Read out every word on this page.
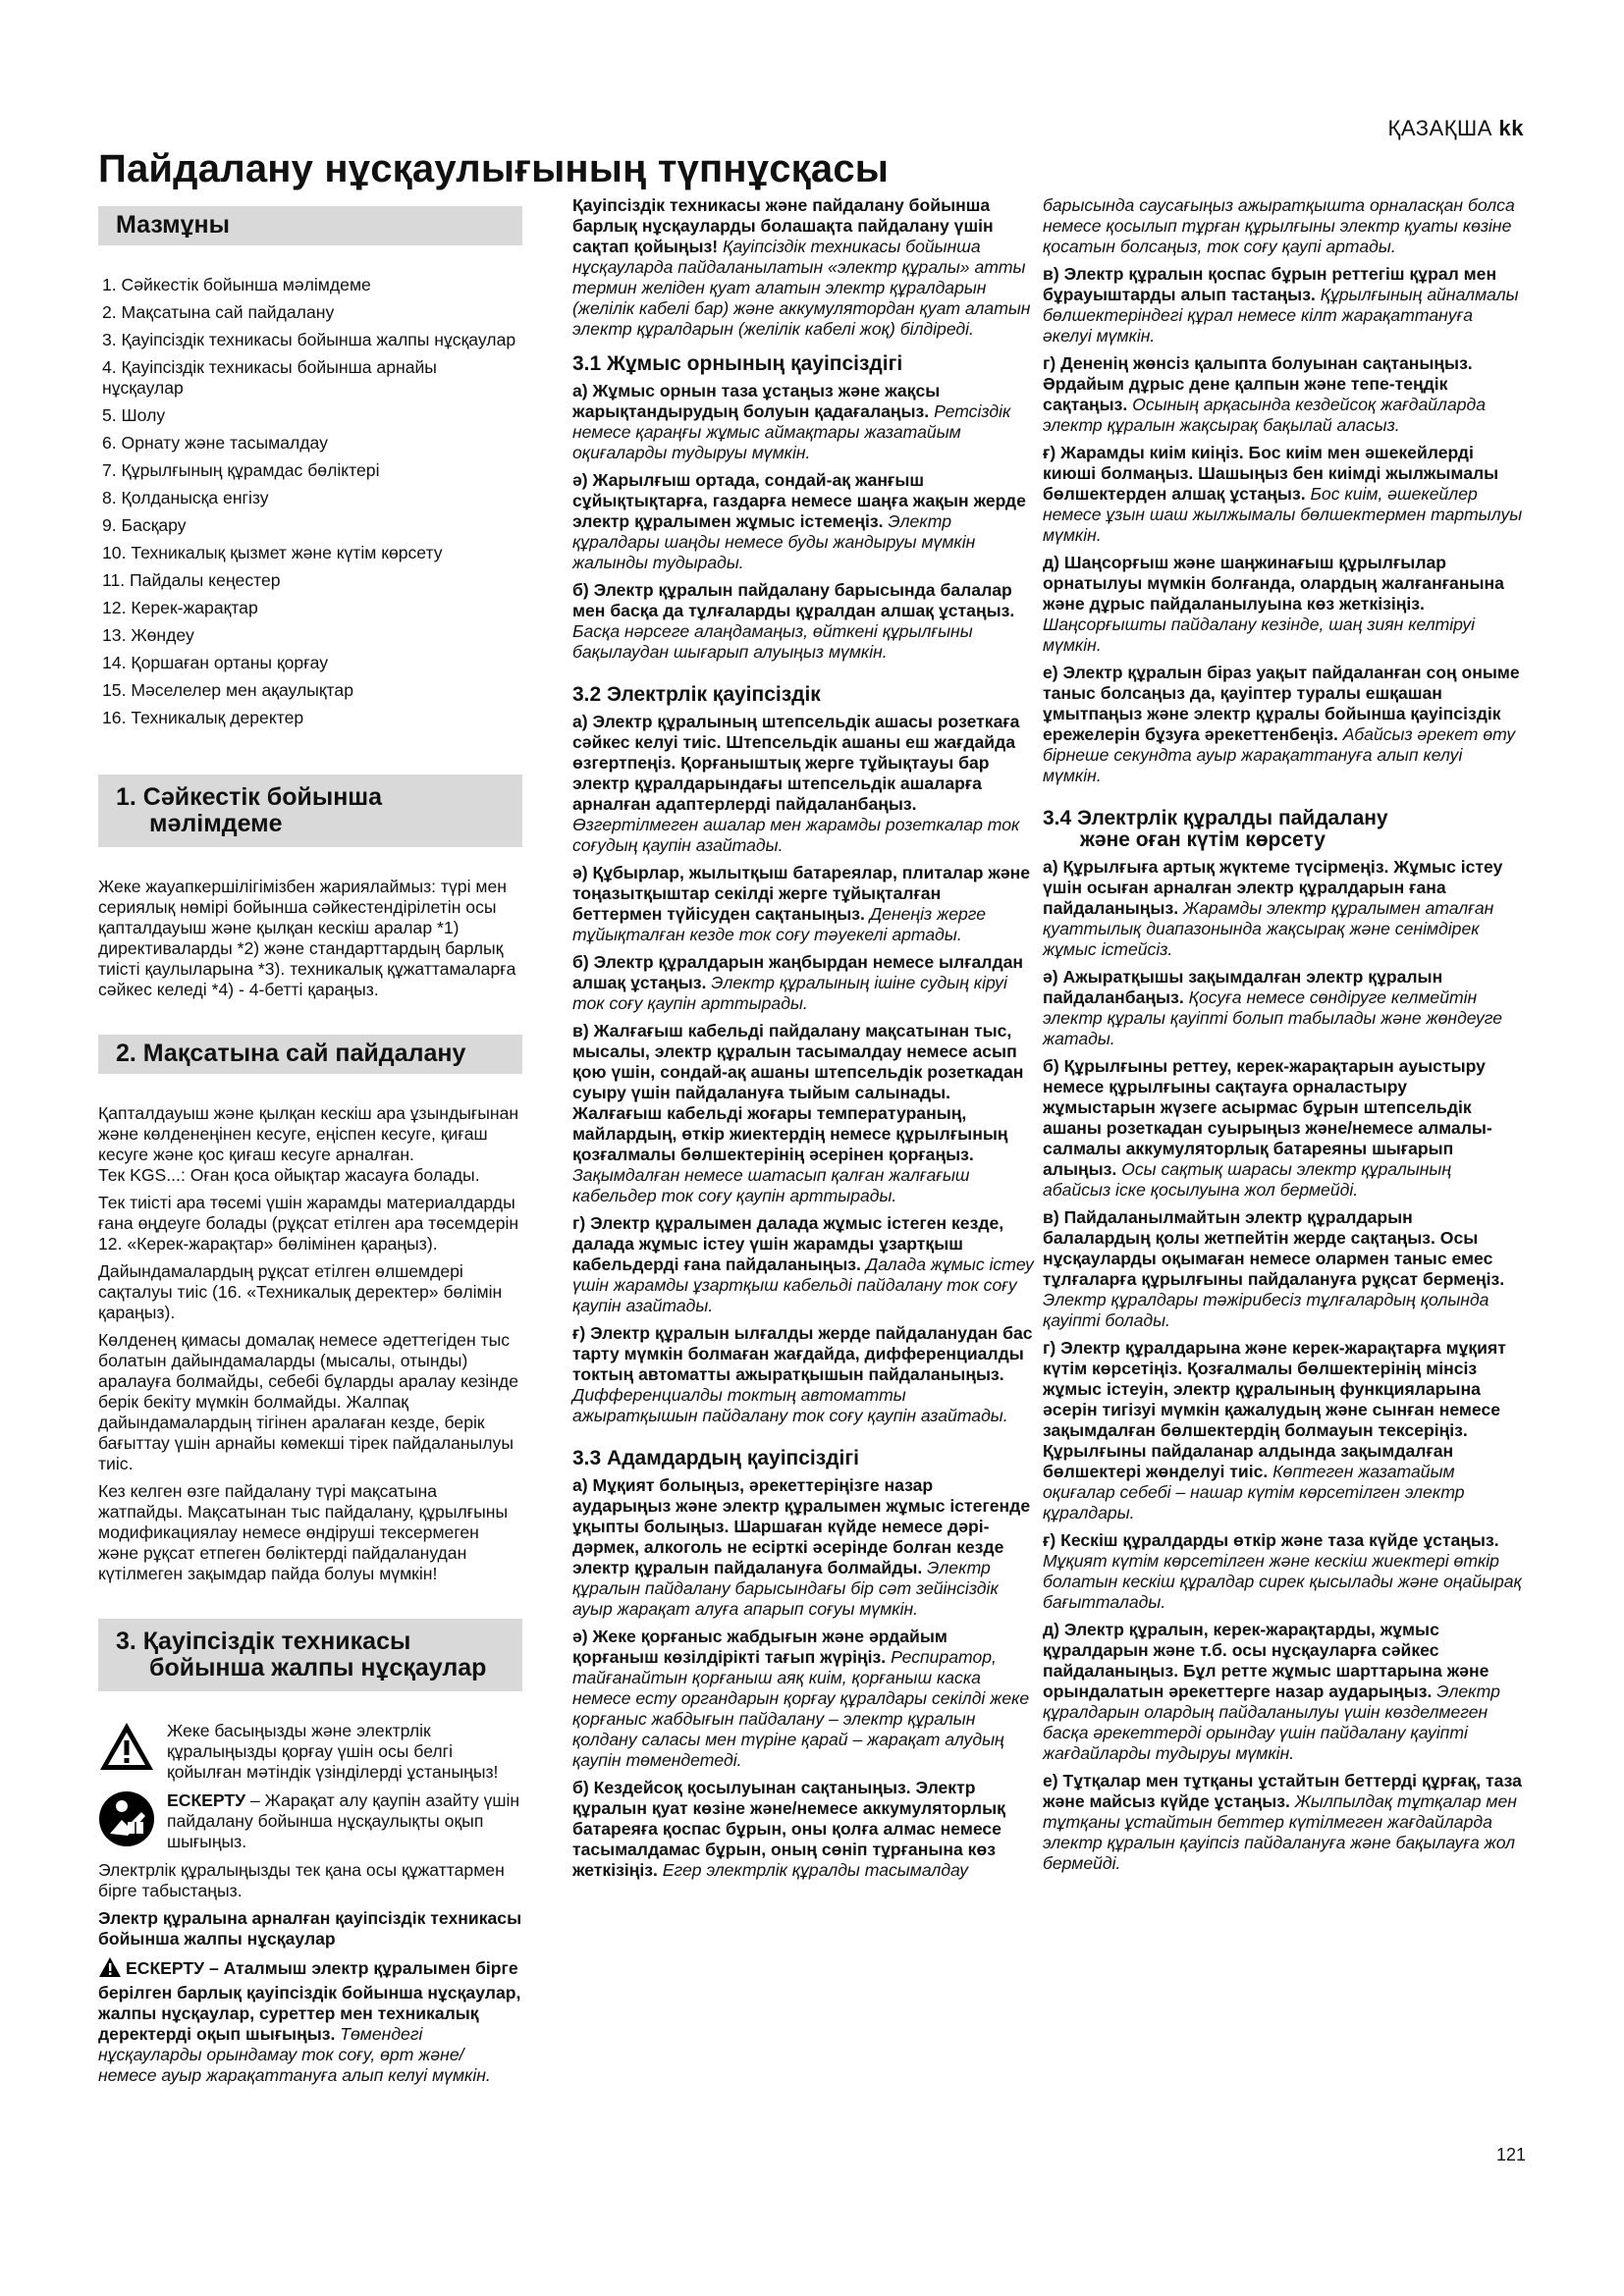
ҚАЗАҚША kk
Пайдалану нұсқаулығының түпнұсқасы
Мазмұны
1. Сәйкестік бойынша мәлімдеме
2. Мақсатына сай пайдалану
3. Қауіпсіздік техникасы бойынша жалпы нұсқаулар
4. Қауіпсіздік техникасы бойынша арнайы нұсқаулар
5. Шолу
6. Орнату және тасымалдау
7. Құрылғының құрамдас бөліктері
8. Қолданысқа енгізу
9. Басқару
10. Техникалық қызмет және күтім көрсету
11. Пайдалы кеңестер
12. Керек-жарақтар
13. Жөндеу
14. Қоршаған ортаны қорғау
15. Мәселелер мен ақаулықтар
16. Техникалық деректер
1. Сәйкестік бойынша
мәлімдеме

Жеке жауапкершілігімізбен жариялаймыз: түрі мен сериялық нөмірі бойынша сәйкестендірілетін осы қапталдауыш және қылқан кескіш аралар *1) директиваларды *2) және стандарттардың барлық тиісті қаулыларына *3). техникалық құжаттамаларға сәйкес келеді *4) - 4-бетті қараңыз.

2. Мақсатына сай пайдалану

Қапталдауыш және қылқан кескіш ара ұзындығынан және көлденеңінен кесуге, еңіспен кесуге, қиғаш кесуге және қос қиғаш кесуге арналған.
Тек KGS...: Оған қоса ойықтар жасауға болады.

Тек тиісті ара төсемі үшін жарамды материалдарды ғана өңдеуге болады (рұқсат етілген ара төсемдерін 12. «Керек-жарақтар» бөлімінен қараңыз).

Дайындамалардың рұқсат етілген өлшемдері сақталуы тиіс (16. «Техникалық деректер» бөлімін қараңыз).

Көлденең қимасы домалақ немесе әдеттегіден тыс болатын дайындамаларды (мысалы, отынды) аралауға болмайды, себебі бұларды аралау кезінде берік бекіту мүмкін болмайды. Жалпақ дайындамалардың тігінен аралаған кезде, берік бағыттау үшін арнайы көмекші тірек пайдаланылуы тиіс.

Кез келген өзге пайдалану түрі мақсатына жатпайды. Мақсатынан тыс пайдалану, құрылғыны модификациялау немесе өндіруші тексермеген және рұқсат етпеген бөліктерді пайдаланудан күтілмеген зақымдар пайда болуы мүмкін!

3. Қауіпсіздік техникасы
бойынша жалпы нұсқаулар
Жеке басыңызды және электрлік құралыңызды қорғау үшін осы белгі қойылған мәтіндік үзінділерді ұстаныңыз!
ЕСКЕРТУ – Жарақат алу қаупін азайту үшін пайдалану бойынша нұсқаулықты оқып шығыңыз.

Электрлік құралыңызды тек қана осы құжаттармен бірге табыстаңыз.

Электр құралына арналған қауіпсіздік техникасы бойынша жалпы нұсқаулар

ЕСКЕРТУ – Аталмыш электр құралымен бірге берілген барлық қауіпсіздік бойынша нұсқаулар, жалпы нұсқаулар, суреттер мен техникалық деректерді оқып шығыңыз. Төмендегі нұсқауларды орындамау ток соғу, өрт және/ немесе ауыр жарақаттануға алып келуі мүмкін.

Қауіпсіздік техникасы және пайдалану бойынша барлық нұсқауларды болашақта пайдалану үшін сақтап қойыңыз! Қауіпсіздік техникасы бойынша нұсқауларда пайдаланылатын «электр құралы» атты термин желіден қуат алатын электр құралдарын (желілік кабелі бар) және аккумулятордан қуат алатын электр құралдарын (желілік кабелі жоқ) білдіреді.

3.1 Жұмыс орнының қауіпсіздігі

а) Жұмыс орнын таза ұстаңыз және жақсы жарықтандырудың болуын қадағалаңыз. Ретсіздік немесе қараңғы жұмыс аймақтары жазатайым оқиғаларды тудыруы мүмкін.

ә) Жарылғыш ортада, сондай-ақ жанғыш сұйықтықтарға, газдарға немесе шаңға жақын жерде электр құралымен жұмыс істемеңіз. Электр құралдары шаңды немесе буды жандыруы мүмкін жалынды тудырады.

б) Электр құралын пайдалану барысында балалар мен басқа да тұлғаларды құралдан алшақ ұстаңыз. Басқа нәрсеге алаңдамаңыз, өйткені құрылғыны бақылаудан шығарып алуыңыз мүмкін.

3.2 Электрлік қауіпсіздік

а) Электр құралының штепсельдік ашасы розеткаға сәйкес келуі тиіс. Штепсельдік ашаны еш жағдайда өзгертпеңіз. Қорғаныштық жерге тұйықтауы бар электр құралдарындағы штепсельдік ашаларға арналған адаптерлерді пайдаланбаңыз. Өзгертілмеген ашалар мен жарамды розеткалар ток соғудың қаупін азайтады.

ә) Құбырлар, жылытқыш батареялар, плиталар және тоңазытқыштар секілді жерге тұйықталған беттермен түйісуден сақтаныңыз. Денеңіз жерге тұйықталған кезде ток соғу тәуекелі артады.

б) Электр құралдарын жаңбырдан немесе ылғалдан алшақ ұстаңыз. Электр құралының ішіне судың кіруі ток соғу қаупін арттырады.

в) Жалғағыш кабельді пайдалану мақсатынан тыс, мысалы, электр құралын тасымалдау немесе асып қою үшін, сондай-ақ ашаны штепсельдік розеткадан суыру үшін пайдалануға тыйым салынады. Жалғағыш кабельді жоғары температураның, майлардың, өткір жиектердің немесе құрылғының қозғалмалы бөлшектерінің әсерінен қорғаңыз. Зақымдалған немесе шатасып қалған жалғағыш кабельдер ток соғу қаупін арттырады.

г) Электр құралымен далада жұмыс істеген кезде, далада жұмыс істеу үшін жарамды ұзартқыш кабельдерді ғана пайдаланыңыз. Далада жұмыс істеу үшін жарамды ұзартқыш кабельді пайдалану ток соғу қаупін азайтады.

ғ) Электр құралын ылғалды жерде пайдаланудан бас тарту мүмкін болмаған жағдайда, дифференциалды токтың автоматты ажыратқышын пайдаланыңыз. Дифференциалды токтың автоматты ажыратқышын пайдалану ток соғу қаупін азайтады.

3.3 Адамдардың қауіпсіздігі

а) Мұқият болыңыз, әрекеттеріңізге назар аударыңыз және электр құралымен жұмыс істегенде ұқыпты болыңыз. Шаршаған күйде немесе дәрі-дәрмек, алкоголь не есірткі әсерінде болған кезде электр құралын пайдалануға болмайды. Электр құралын пайдалану барысындағы бір сәт зейінсіздік ауыр жарақат алуға апарып соғуы мүмкін.

ә) Жеке қорғаныс жабдығын және әрдайым қорғаныш көзілдірікті тағып жүріңіз. Респиратор, тайғанайтын қорғаныш аяқ киім, қорғаныш каска немесе есту органдарын қорғау құралдары секілді жеке қорғаныс жабдығын пайдалану – электр құралын қолдану саласы мен түріне қарай – жарақат алудың қаупін төмендетеді.

б) Кездейсоқ қосылуынан сақтаныңыз. Электр құралын қуат көзіне және/немесе аккумуляторлық батареяға қоспас бұрын, оны қолға алмас немесе тасымалдамас бұрын, оның сөніп тұрғанына көз жеткізіңіз. Егер электрлік құралды тасымалдау

барысында саусағыңыз ажыратқышта орналасқан болса немесе қосылып тұрған құрылғыны электр қуаты көзіне қосатын болсаңыз, ток соғу қаупі артады.

в) Электр құралын қоспас бұрын реттегіш құрал мен бұрауыштарды алып тастаңыз. Құрылғының айналмалы бөлшектеріндегі құрал немесе кілт жарақаттануға әкелуі мүмкін.

г) Дененің жөнсіз қалыпта болуынан сақтаныңыз. Әрдайым дұрыс дене қалпын және тепе-теңдік сақтаңыз. Осының арқасында кездейсоқ жағдайларда электр құралын жақсырақ бақылай аласыз.

ғ) Жарамды киім киіңіз. Бос киім мен әшекейлерді киюші болмаңыз. Шашыңыз бен киімді жылжымалы бөлшектерден алшақ ұстаңыз. Бос киім, әшекейлер немесе ұзын шаш жылжымалы бөлшектермен тартылуы мүмкін.

д) Шаңсорғыш және шаңжинағыш құрылғылар орнатылуы мүмкін болғанда, олардың жалғанғанына және дұрыс пайдаланылуына көз жеткізіңіз. Шаңсорғышты пайдалану кезінде, шаң зиян келтіруі мүмкін.

е) Электр құралын біраз уақыт пайдаланған соң оныме таныс болсаңыз да, қауіптер туралы ешқашан ұмытпаңыз және электр құралы бойынша қауіпсіздік ережелерін бұзуға әрекеттенбеңіз. Абайсыз әрекет өту бірнеше секундта ауыр жарақаттануға алып келуі мүмкін.

3.4 Электрлік құралды пайдалану
және оған күтім көрсету

а) Құрылғыға артық жүктеме түсірмеңіз. Жұмыс істеу үшін осыған арналған электр құралдарын ғана пайдаланыңыз. Жарамды электр құралымен аталған қуаттылық диапазонында жақсырақ және сенімдірек жұмыс істейсіз.

ә) Ажыратқышы зақымдалған электр құралын пайдаланбаңыз. Қосуға немесе сөндіруге келмейтін электр құралы қауіпті болып табылады және жөндеуге жатады.

б) Құрылғыны реттеу, керек-жарақтарын ауыстыру немесе құрылғыны сақтауға орналастыру жұмыстарын жүзеге асырмас бұрын штепсельдік ашаны розеткадан суырыңыз және/немесе алмалы-салмалы аккумуляторлық батареяны шығарып алыңыз. Осы сақтық шарасы электр құралының абайсыз іске қосылуына жол бермейді.

в) Пайдаланылмайтын электр құралдарын балалардың қолы жетпейтін жерде сақтаңыз. Осы нұсқауларды оқымаған немесе олармен таныс емес тұлғаларға құрылғыны пайдалануға рұқсат бермеңіз. Электр құралдары тәжірибесіз тұлғалардың қолында қауіпті болады.

г) Электр құралдарына және керек-жарақтарға мұқият күтім көрсетіңіз. Қозғалмалы бөлшектерінің мінсіз жұмыс істеуін, электр құралының функцияларына әсерін тигізуі мүмкін қажалудың және сынған немесе зақымдалған бөлшектердің болмауын тексеріңіз. Құрылғыны пайдаланар алдында зақымдалған бөлшектері жөнделуі тиіс. Көптеген жазатайым оқиғалар себебі – нашар күтім көрсетілген электр құралдары.

ғ) Кескіш құралдарды өткір және таза күйде ұстаңыз. Мұқият күтім көрсетілген және кескіш жиектері өткір болатын кескіш құралдар сирек қысылады және оңайырақ бағытталады.

д) Электр құралын, керек-жарақтарды, жұмыс құралдарын және т.б. осы нұсқауларға сәйкес пайдаланыңыз. Бұл ретте жұмыс шарттарына және орындалатын әрекеттерге назар аударыңыз. Электр құралдарын олардың пайдаланылуы үшін көзделмеген басқа әрекеттерді орындау үшін пайдалану қауіпті жағдайларды тудыруы мүмкін.

е) Тұтқалар мен тұтқаны ұстайтын беттерді құрғақ, таза және майсыз күйде ұстаңыз. Жылпылдақ тұтқалар мен тұтқаны ұстайтын беттер күтілмеген жағдайларда электр құралын қауіпсіз пайдалануға және бақылауға жол бермейді.

121
